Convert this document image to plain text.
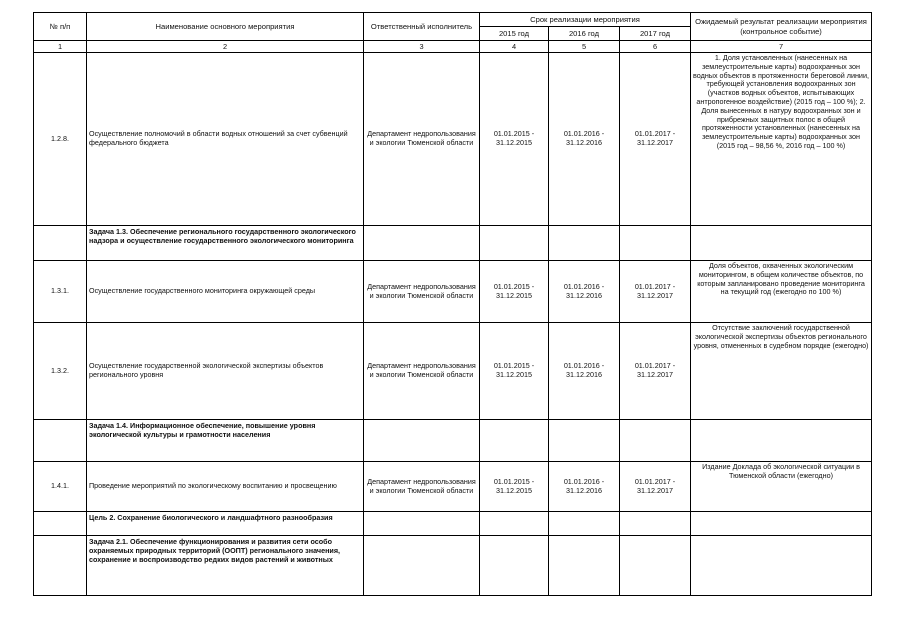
№ п/п	Наименование основного мероприятия	Ответственный исполнитель	Срок реализации мероприятия			Ожидаемый результат реализации мероприятия (контрольное событие)
			2015 год	2016 год	2017 год	
1	2	3	4	5	6	7
1.2.8.	Осуществление полномочий в области водных отношений за счет субвенций федерального бюджета	Департамент недропользования и экологии Тюменской области	01.01.2015 - 31.12.2015	01.01.2016 - 31.12.2016	01.01.2017 - 31.12.2017	1. Доля установленных (нанесенных на землеустроительные карты) водоохранных зон водных объектов в протяженности береговой линии, требующей установления водоохранных зон (участков водных объектов, испытывающих антропогенное воздействие) (2015 год – 100 %); 2. Доля вынесенных в натуру водоохранных зон и прибрежных защитных полос в общей протяженности установленных (нанесенных на землеустроительные карты) водоохранных зон (2015 год – 98,56 %, 2016 год – 100 %)
	Задача 1.3. Обеспечение регионального государственного экологического надзора и осуществление государственного экологического мониторинга					
1.3.1.	Осуществление государственного мониторинга окружающей среды	Департамент недропользования и экологии Тюменской области	01.01.2015 - 31.12.2015	01.01.2016 - 31.12.2016	01.01.2017 - 31.12.2017	Доля объектов, охваченных экологическим мониторингом, в общем количестве объектов, по которым запланировано проведение мониторинга на текущий год (ежегодно по 100 %)
1.3.2.	Осуществление государственной экологической экспертизы объектов регионального уровня	Департамент недропользования и экологии Тюменской области	01.01.2015 - 31.12.2015	01.01.2016 - 31.12.2016	01.01.2017 - 31.12.2017	Отсутствие заключений государственной экологической экспертизы объектов регионального уровня, отмененных в судебном порядке (ежегодно)
	Задача 1.4. Информационное обеспечение, повышение уровня экологической культуры и грамотности населения					
1.4.1.	Проведение мероприятий по экологическому воспитанию и просвещению	Департамент недропользования и экологии Тюменской области	01.01.2015 - 31.12.2015	01.01.2016 - 31.12.2016	01.01.2017 - 31.12.2017	Издание Доклада об экологической ситуации в Тюменской области (ежегодно)
	Цель 2. Сохранение биологического и ландшафтного разнообразия					
	Задача 2.1. Обеспечение функционирования и развития сети особо охраняемых природных территорий (ООПТ) регионального значения, сохранение и воспроизводство редких видов растений и животных					
